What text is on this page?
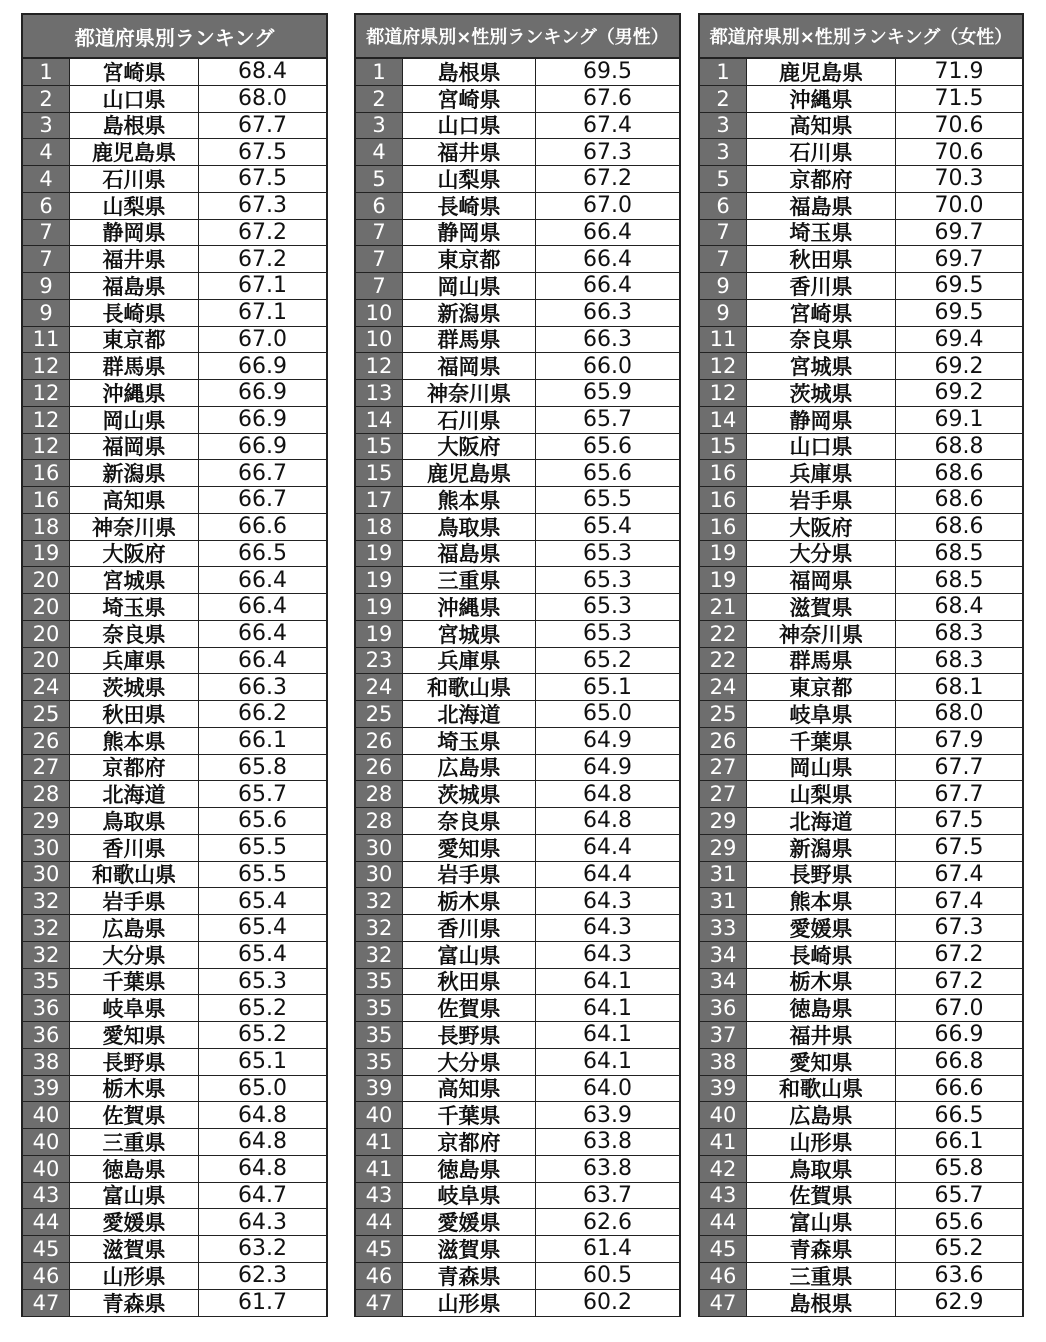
都道府県別ランキング
1	宮崎県	68.4
2	山口県	68.0
3	島根県	67.7
4	鹿児島県	67.5
4	石川県	67.5
6	山梨県	67.3
7	静岡県	67.2
7	福井県	67.2
9	福島県	67.1
9	長崎県	67.1
11	東京都	67.0
12	群馬県	66.9
12	沖縄県	66.9
12	岡山県	66.9
12	福岡県	66.9
16	新潟県	66.7
16	高知県	66.7
18	神奈川県	66.6
19	大阪府	66.5
20	宮城県	66.4
20	埼玉県	66.4
20	奈良県	66.4
20	兵庫県	66.4
24	茨城県	66.3
25	秋田県	66.2
26	熊本県	66.1
27	京都府	65.8
28	北海道	65.7
29	鳥取県	65.6
30	香川県	65.5
30	和歌山県	65.5
32	岩手県	65.4
32	広島県	65.4
32	大分県	65.4
35	千葉県	65.3
36	岐阜県	65.2
36	愛知県	65.2
38	長野県	65.1
39	栃木県	65.0
40	佐賀県	64.8
40	三重県	64.8
40	徳島県	64.8
43	富山県	64.7
44	愛媛県	64.3
45	滋賀県	63.2
46	山形県	62.3
47	青森県	61.7
都道府県別×性別ランキング（男性）
1	島根県	69.5
2	宮崎県	67.6
3	山口県	67.4
4	福井県	67.3
5	山梨県	67.2
6	長崎県	67.0
7	静岡県	66.4
7	東京都	66.4
7	岡山県	66.4
10	新潟県	66.3
10	群馬県	66.3
12	福岡県	66.0
13	神奈川県	65.9
14	石川県	65.7
15	大阪府	65.6
15	鹿児島県	65.6
17	熊本県	65.5
18	鳥取県	65.4
19	福島県	65.3
19	三重県	65.3
19	沖縄県	65.3
19	宮城県	65.3
23	兵庫県	65.2
24	和歌山県	65.1
25	北海道	65.0
26	埼玉県	64.9
26	広島県	64.9
28	茨城県	64.8
28	奈良県	64.8
30	愛知県	64.4
30	岩手県	64.4
32	栃木県	64.3
32	香川県	64.3
32	富山県	64.3
35	秋田県	64.1
35	佐賀県	64.1
35	長野県	64.1
35	大分県	64.1
39	高知県	64.0
40	千葉県	63.9
41	京都府	63.8
41	徳島県	63.8
43	岐阜県	63.7
44	愛媛県	62.6
45	滋賀県	61.4
46	青森県	60.5
47	山形県	60.2
都道府県別×性別ランキング（女性）
1	鹿児島県	71.9
2	沖縄県	71.5
3	高知県	70.6
3	石川県	70.6
5	京都府	70.3
6	福島県	70.0
7	埼玉県	69.7
7	秋田県	69.7
9	香川県	69.5
9	宮崎県	69.5
11	奈良県	69.4
12	宮城県	69.2
12	茨城県	69.2
14	静岡県	69.1
15	山口県	68.8
16	兵庫県	68.6
16	岩手県	68.6
16	大阪府	68.6
19	大分県	68.5
19	福岡県	68.5
21	滋賀県	68.4
22	神奈川県	68.3
22	群馬県	68.3
24	東京都	68.1
25	岐阜県	68.0
26	千葉県	67.9
27	岡山県	67.7
27	山梨県	67.7
29	北海道	67.5
29	新潟県	67.5
31	長野県	67.4
31	熊本県	67.4
33	愛媛県	67.3
34	長崎県	67.2
34	栃木県	67.2
36	徳島県	67.0
37	福井県	66.9
38	愛知県	66.8
39	和歌山県	66.6
40	広島県	66.5
41	山形県	66.1
42	鳥取県	65.8
43	佐賀県	65.7
44	富山県	65.6
45	青森県	65.2
46	三重県	63.6
47	島根県	62.9
